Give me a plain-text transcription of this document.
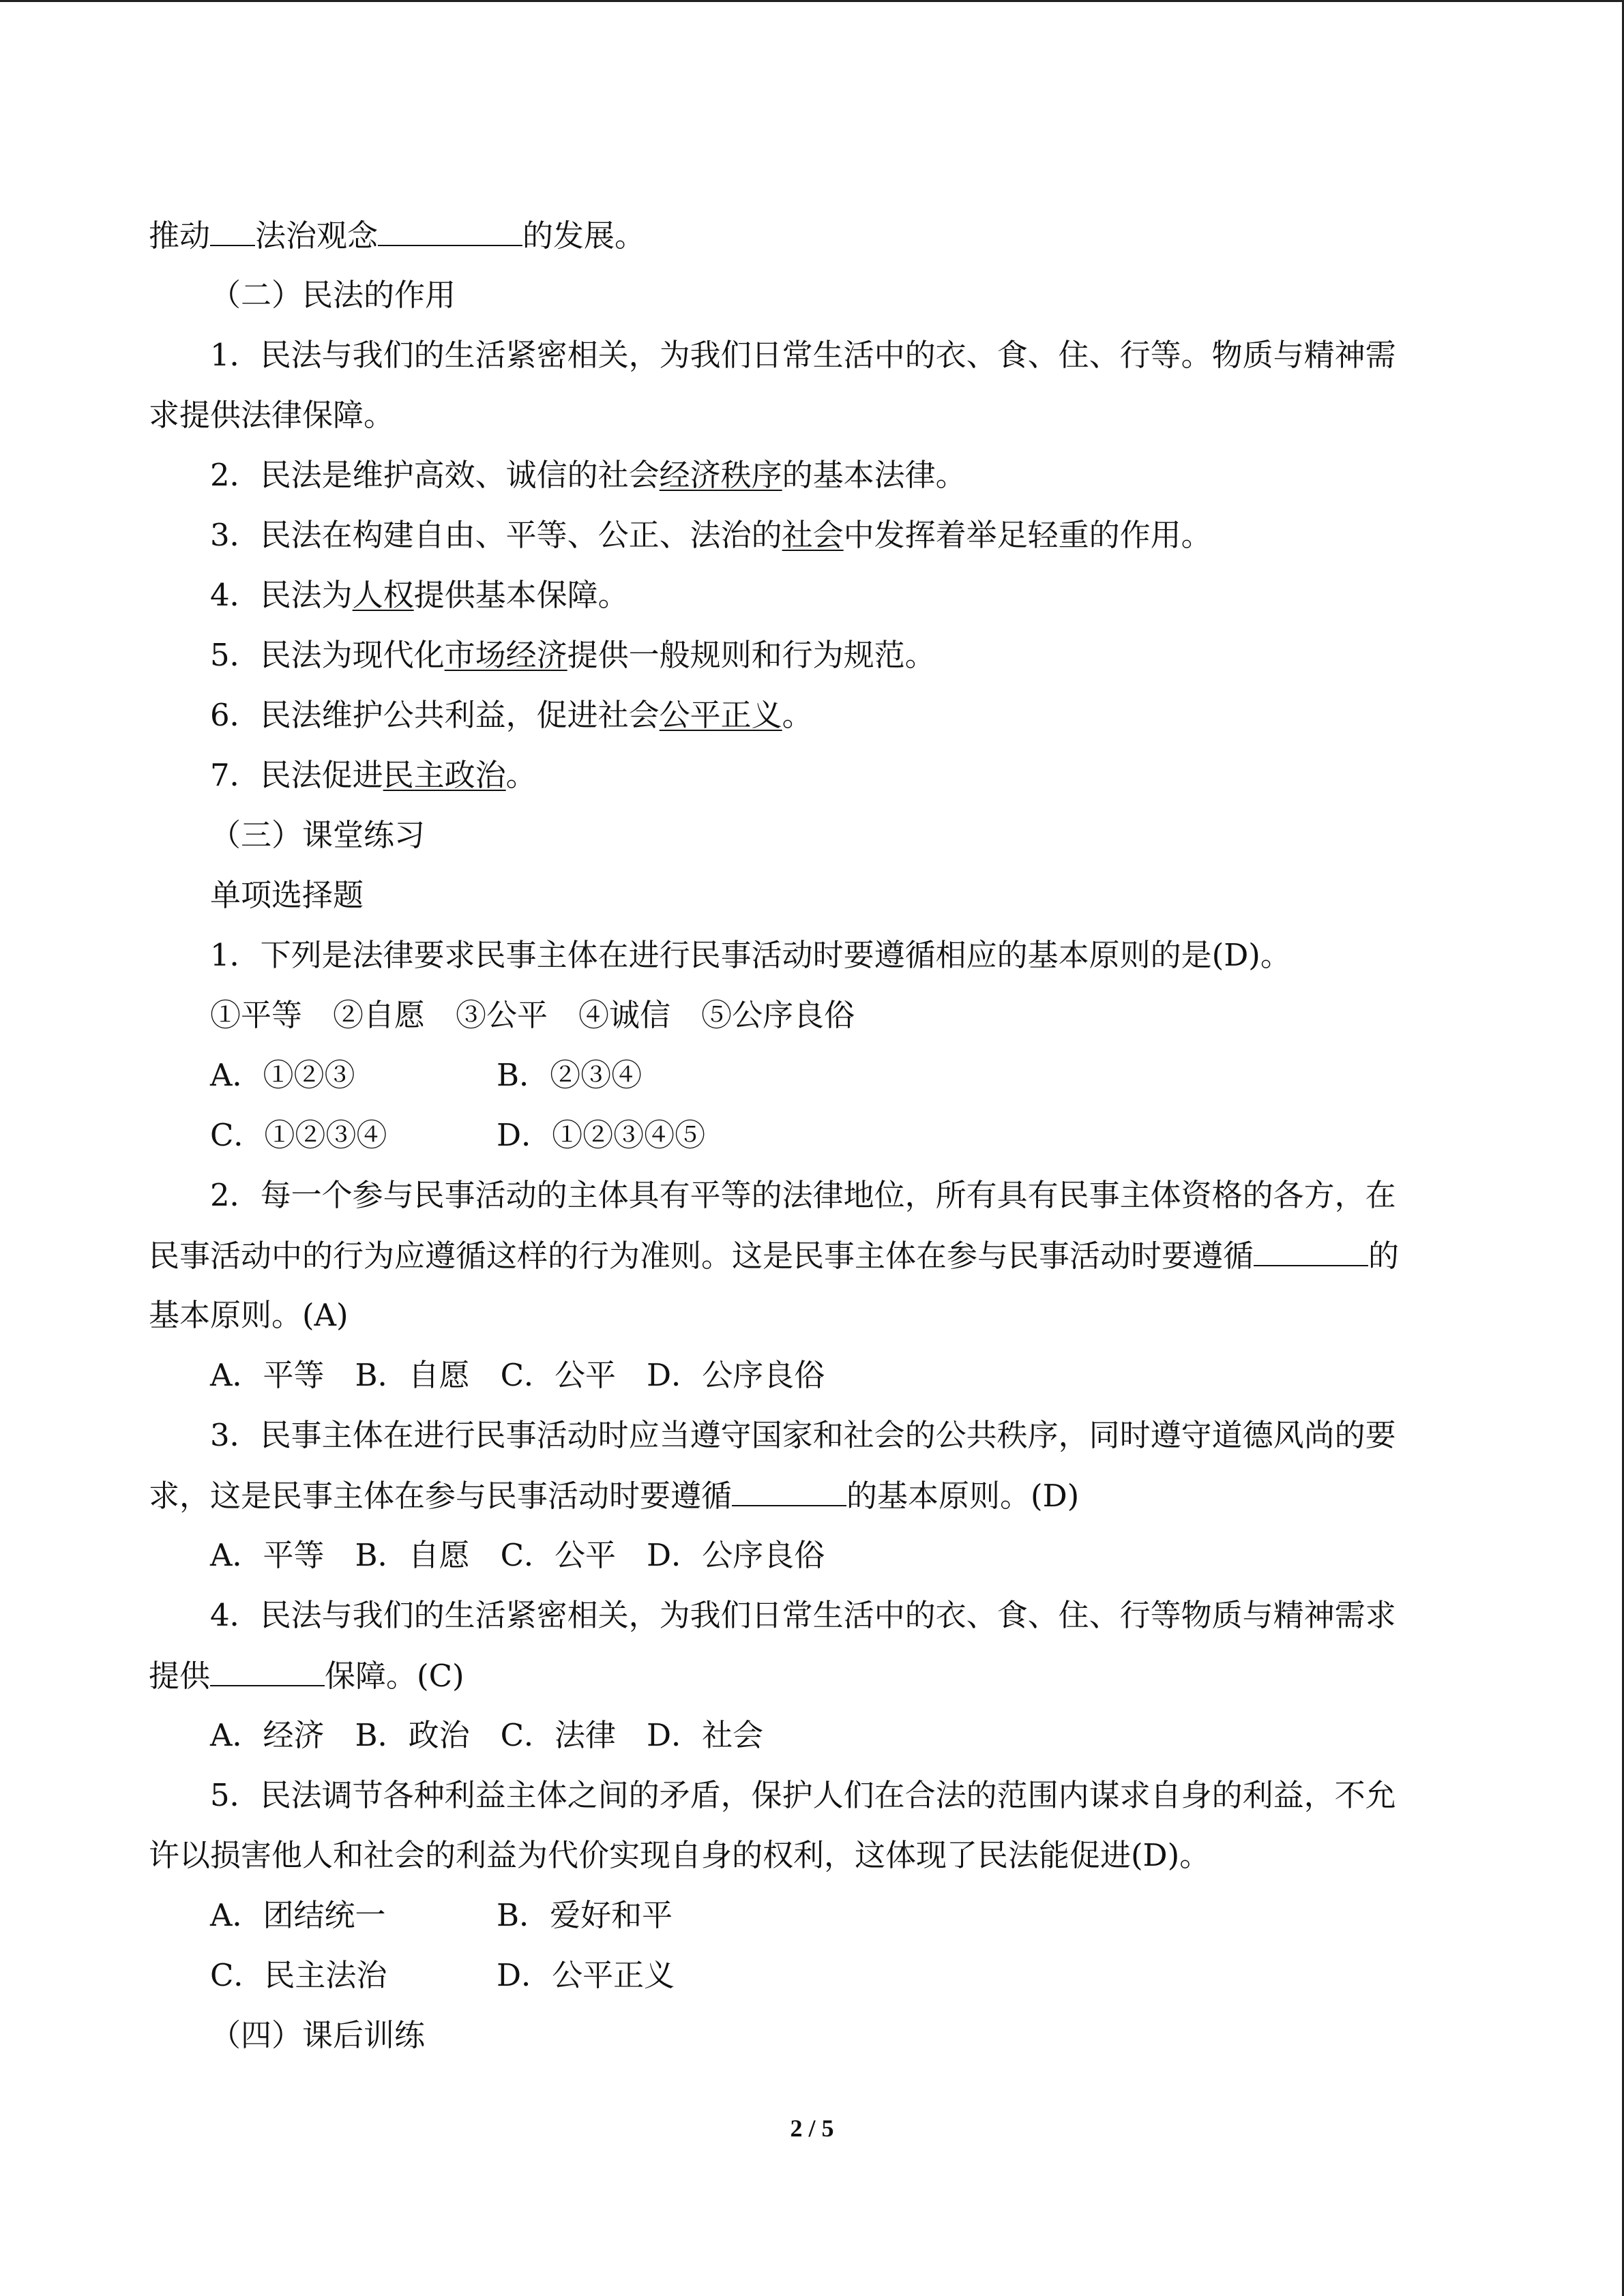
推动 法治观念	的发展。
（二）民法的作用
1．民法与我们的生活紧密相关，为我们日常生活中的衣、食、住、行等。物质与精神需
求提供法律保障。
2．民法是维护高效、诚信的社会经济秩序的基本法律。
3．民法在构建自由、平等、公正、法治的社会中发挥着举足轻重的作用。
4．民法为人权提供基本保障。
5．民法为现代化市场经济提供一般规则和行为规范。
6．民法维护公共利益，促进社会公平正义。
7．民法促进民主政治。
（三）课堂练习
单项选择题
1．下列是法律要求民事主体在进行民事活动时要遵循相应的基本原则的是(D)。
①平等　②自愿　③公平　④诚信　⑤公序良俗
A．①②③	B．②③④
C．①②③④	D．①②③④⑤
2．每一个参与民事活动的主体具有平等的法律地位，所有具有民事主体资格的各方，在
民事活动中的行为应遵循这样的行为准则。这是民事主体在参与民事活动时要遵循	的
基本原则。(A)
A．平等　B．自愿　C．公平　D．公序良俗
3．民事主体在进行民事活动时应当遵守国家和社会的公共秩序，同时遵守道德风尚的要
求，这是民事主体在参与民事活动时要遵循	的基本原则。(D)
A．平等　B．自愿　C．公平　D．公序良俗
4．民法与我们的生活紧密相关，为我们日常生活中的衣、食、住、行等物质与精神需求
提供	保障。(C)
A．经济　B．政治　C．法律　D．社会
5．民法调节各种利益主体之间的矛盾，保护人们在合法的范围内谋求自身的利益，不允
许以损害他人和社会的利益为代价实现自身的权利，这体现了民法能促进(D)。
A．团结统一	B．爱好和平
C．民主法治	D．公平正义
（四）课后训练
2 / 5
